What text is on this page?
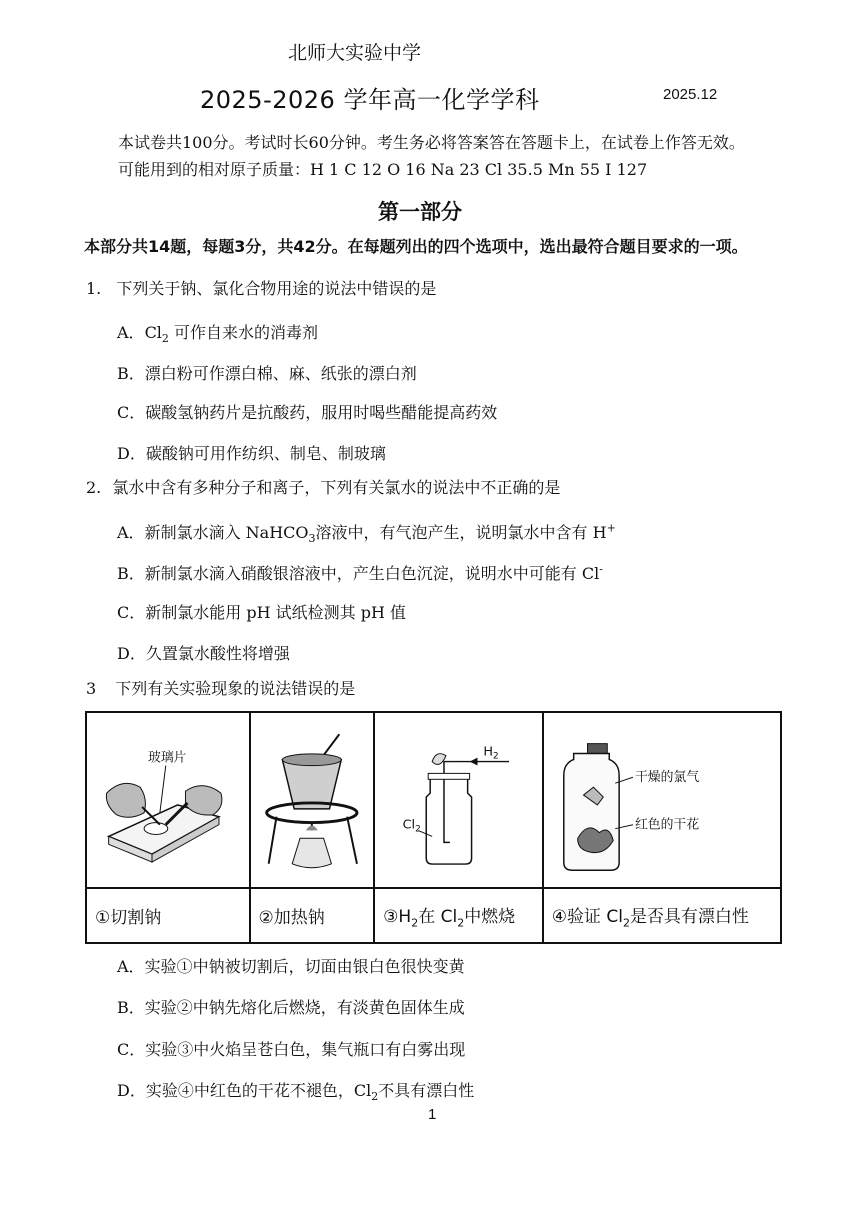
北师大实验中学
2025-2026 学年高一化学学科	2025.12
本试卷共100分。考试时长60分钟。考生务必将答案答在答题卡上，在试卷上作答无效。
可能用到的相对原子质量：H 1 C 12 O 16 Na 23 Cl 35.5 Mn 55 I 127
第一部分
本部分共14题，每题3分，共42分。在每题列出的四个选项中，选出最符合题目要求的一项。
1. 下列关于钠、氯化合物用途的说法中错误的是
A．$Cl_2$ 可作自来水的消毒剂
B．漂白粉可作漂白棉、麻、纸张的漂白剂
C．碳酸氢钠药片是抗酸药，服用时喝些醋能提高药效
D．碳酸钠可用作纺织、制皂、制玻璃
2. 氯水中含有多种分子和离子，下列有关氯水的说法中不正确的是
A．新制氯水滴入 NaHCO$_3$溶液中，有气泡产生，说明氯水中含有 H+
B．新制氯水滴入硝酸银溶液中，产生白色沉淀，说明水中可能有 Cl-
C．新制氯水能用 pH 试纸检测其 pH 值
D．久置氯水酸性将增强
3 下列有关实验现象的说法错误的是
玻璃片		$H_2$
$Cl_2$	干燥的氯气
红色的干花

①切割钠	②加热钠	$③H_2$在 $Cl_2$中燃烧	④验证 $Cl_2$是否具有漂白性
A．实验①中钠被切割后，切面由银白色很快变黄
B．实验②中钠先熔化后燃烧，有淡黄色固体生成
C．实验③中火焰呈苍白色，集气瓶口有白雾出现
D．实验④中红色的干花不褪色，$Cl_2$不具有漂白性
1
